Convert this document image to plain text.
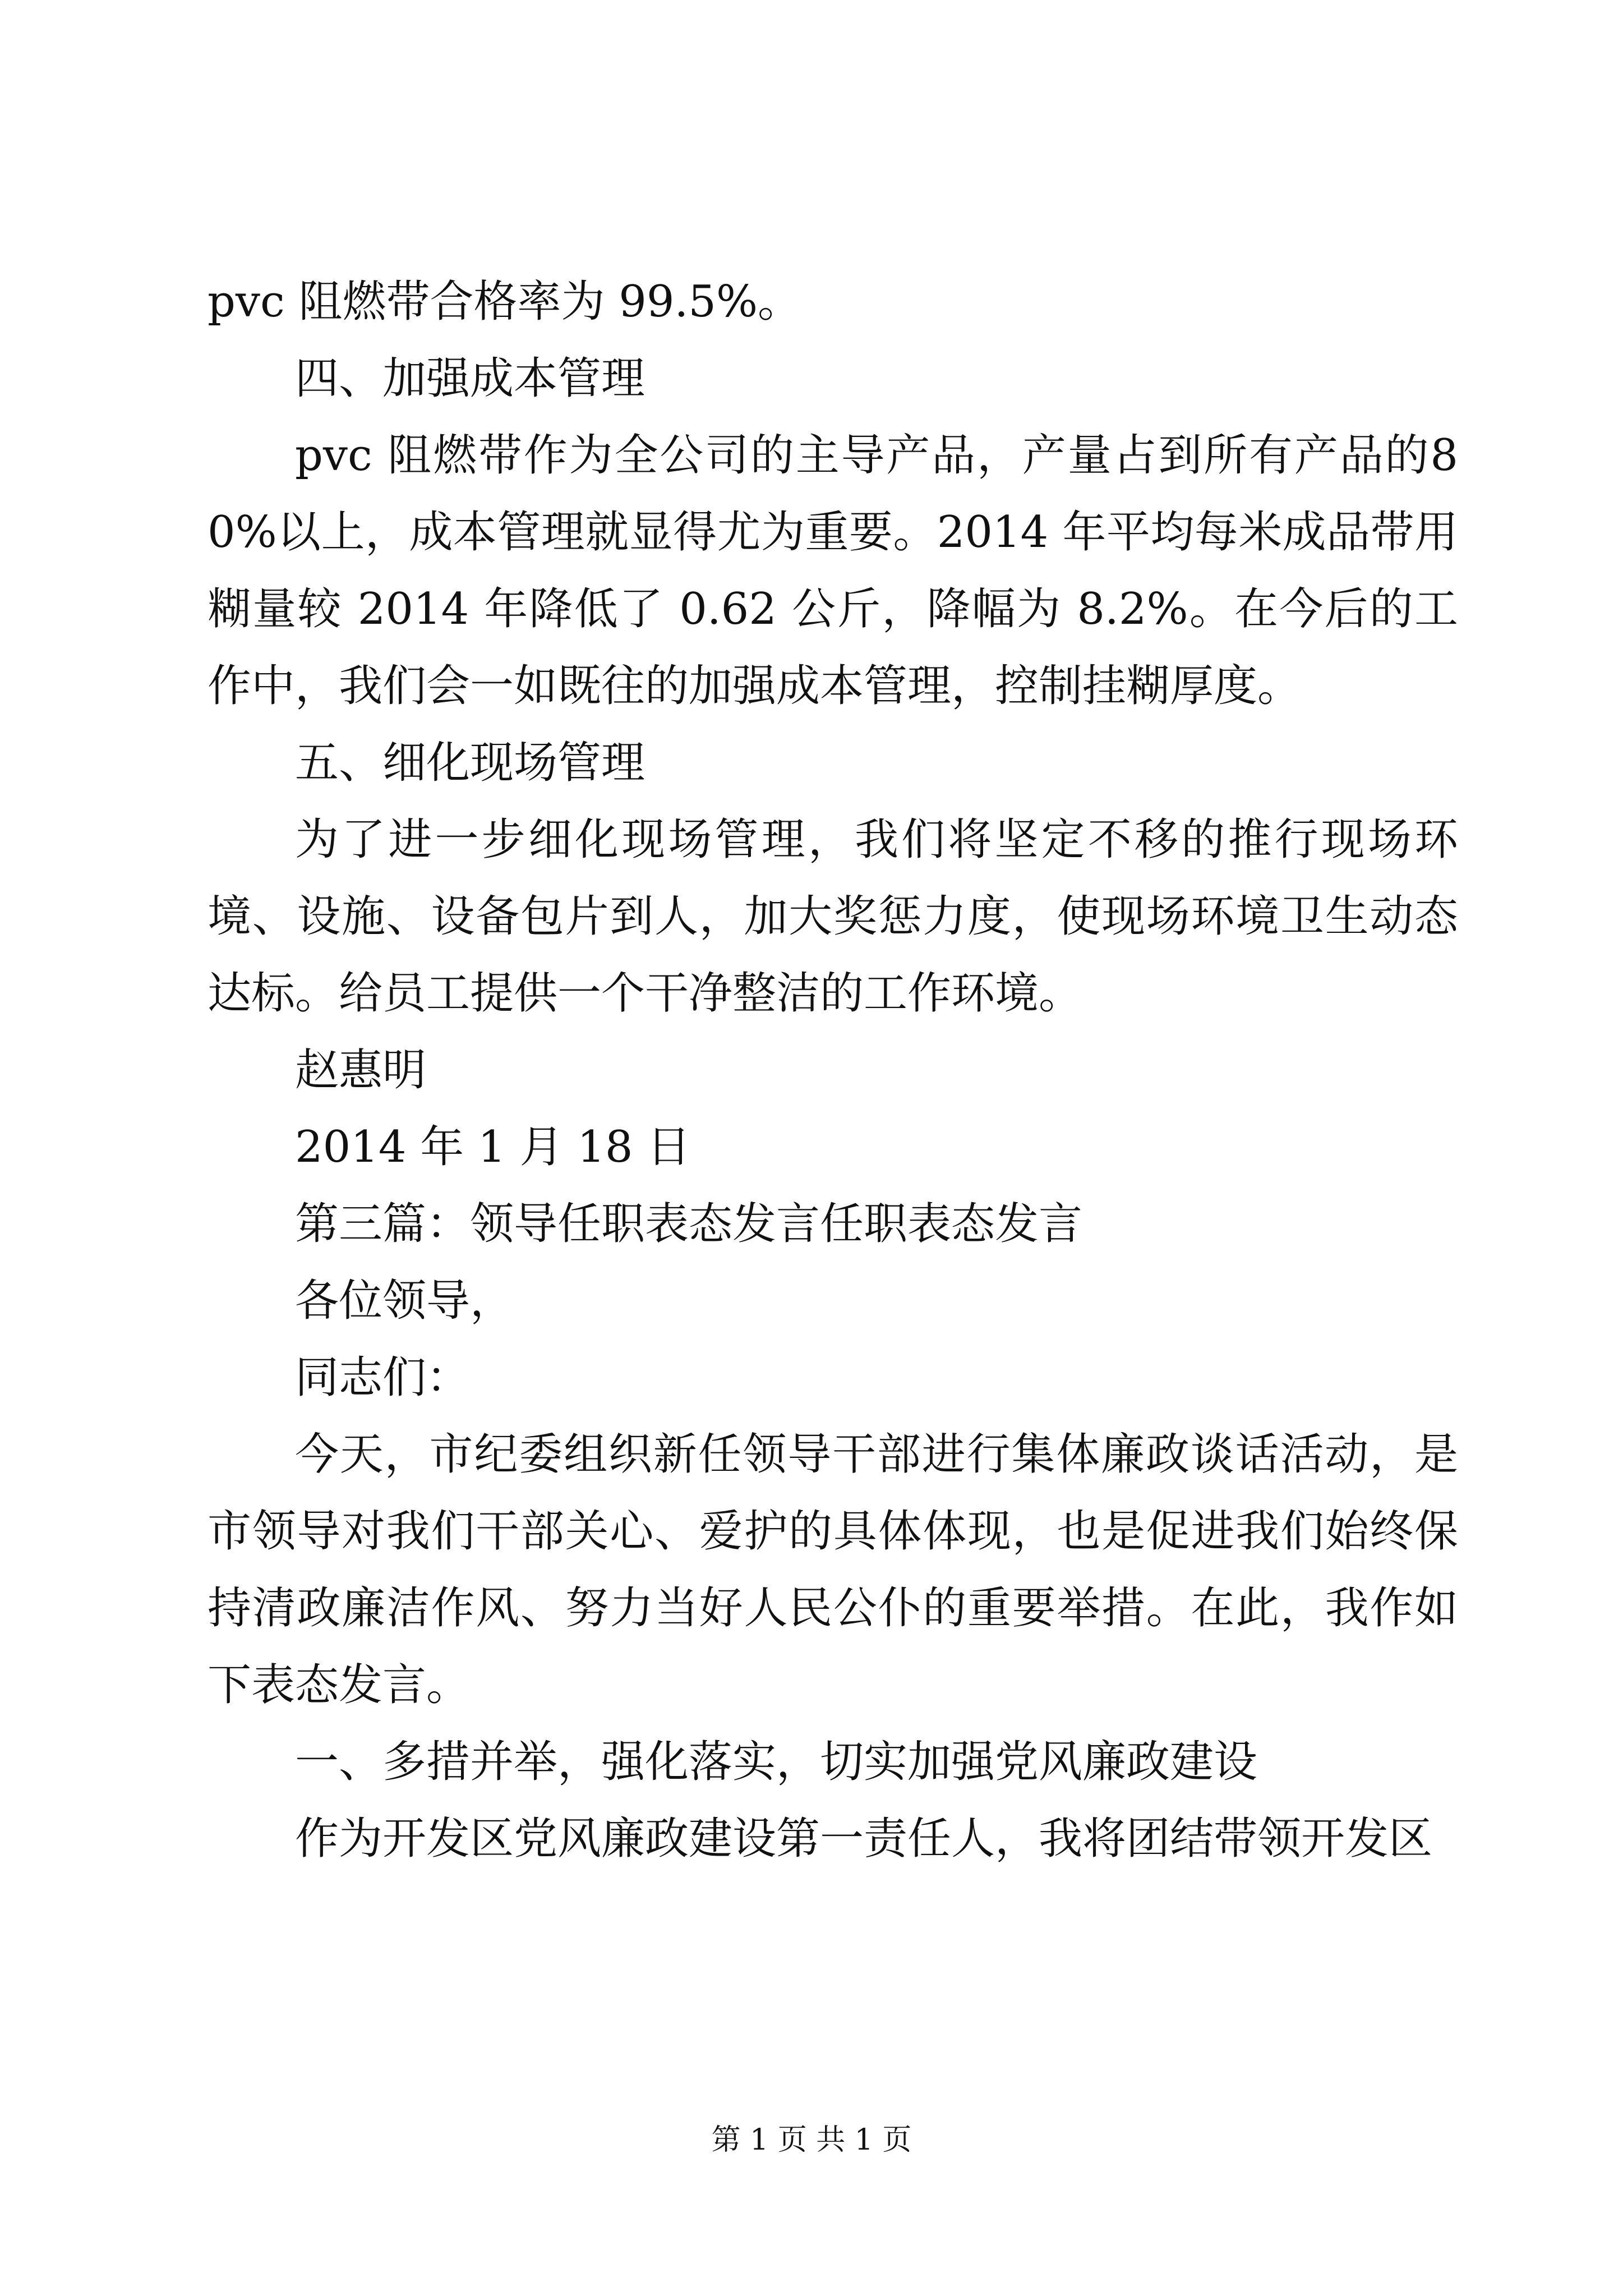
pvc 阻燃带合格率为 99.5%。

四、加强成本管理

pvc 阻燃带作为全公司的主导产品，产量占到所有产品的80%以上，成本管理就显得尤为重要。2014 年平均每米成品带用糊量较 2014 年降低了 0.62 公斤，降幅为 8.2%。在今后的工作中，我们会一如既往的加强成本管理，控制挂糊厚度。

五、细化现场管理

为了进一步细化现场管理，我们将坚定不移的推行现场环境、设施、设备包片到人，加大奖惩力度，使现场环境卫生动态达标。给员工提供一个干净整洁的工作环境。

赵惠明

2014 年 1 月 18 日

第三篇：领导任职表态发言任职表态发言

各位领导，

同志们：

今天，市纪委组织新任领导干部进行集体廉政谈话活动，是市领导对我们干部关心、爱护的具体体现，也是促进我们始终保持清政廉洁作风、努力当好人民公仆的重要举措。在此，我作如下表态发言。

一、多措并举，强化落实，切实加强党风廉政建设

作为开发区党风廉政建设第一责任人，我将团结带领开发区

第 1 页 共 1 页
